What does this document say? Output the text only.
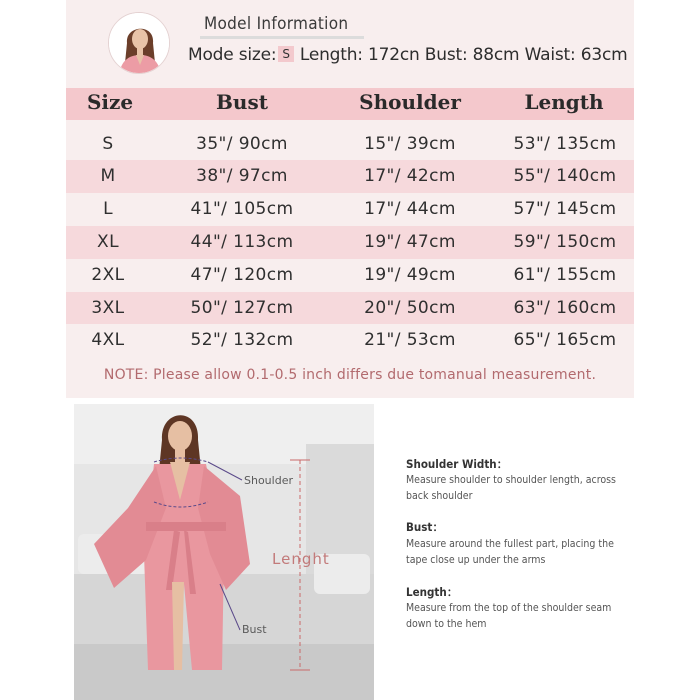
Model Information
Mode size: S Length: 172cn Bust: 88cm Waist: 63cm
Size	Bust	Shoulder	Length
S	35"/ 90cm	15"/ 39cm	53"/ 135cm
M	38"/ 97cm	17"/ 42cm	55"/ 140cm
L	41"/ 105cm	17"/ 44cm	57"/ 145cm
XL	44"/ 113cm	19"/ 47cm	59"/ 150cm
2XL	47"/ 120cm	19"/ 49cm	61"/ 155cm
3XL	50"/ 127cm	20"/ 50cm	63"/ 160cm
4XL	52"/ 132cm	21"/ 53cm	65"/ 165cm
NOTE: Please allow 0.1-0.5 inch differs due tomanual measurement.
Shoulder
Lenght
Bust
Shoulder Width：
Measure shoulder to shoulder length, across back shoulder
Bust：
Measure around the fullest part, placing the tape close up under the arms
Length：
Measure from the top of the shoulder seam down to the hem
